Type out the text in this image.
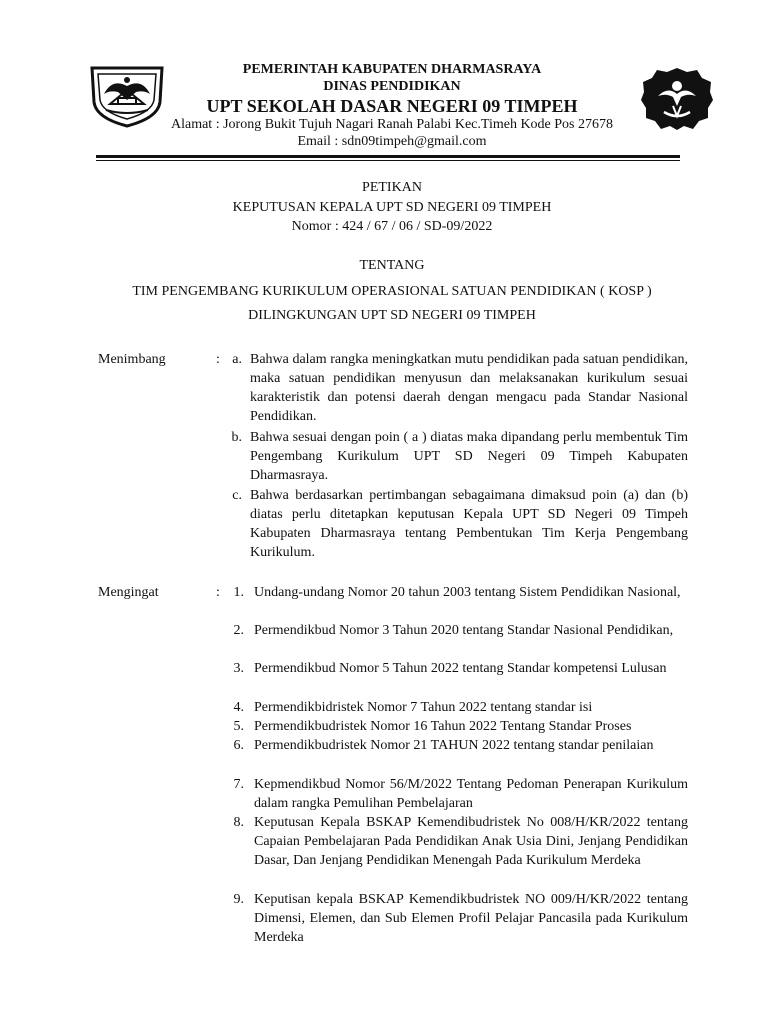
PEMERINTAH KABUPATEN DHARMASRAYA
DINAS PENDIDIKAN
UPT SEKOLAH DASAR NEGERI 09 TIMPEH
Alamat : Jorong Bukit Tujuh Nagari Ranah Palabi Kec.Timeh Kode Pos 27678
Email : sdn09timpeh@gmail.com
PETIKAN
KEPUTUSAN KEPALA UPT SD NEGERI 09 TIMPEH
Nomor : 424 / 67 / 06 / SD-09/2022
TENTANG
TIM PENGEMBANG KURIKULUM OPERASIONAL SATUAN PENDIDIKAN ( KOSP )
DILINGKUNGAN UPT SD NEGERI 09 TIMPEH
Menimbang	: a. Bahwa dalam rangka meningkatkan mutu pendidikan pada satuan pendidikan, maka satuan pendidikan menyusun dan melaksanakan kurikulum sesuai karakteristik dan potensi daerah dengan mengacu pada Standar Nasional Pendidikan.
b. Bahwa sesuai dengan poin ( a ) diatas maka dipandang perlu membentuk Tim Pengembang Kurikulum UPT SD Negeri 09 Timpeh Kabupaten Dharmasraya.
c. Bahwa berdasarkan pertimbangan sebagaimana dimaksud poin (a) dan (b) diatas perlu ditetapkan keputusan Kepala UPT SD Negeri 09 Timpeh Kabupaten Dharmasraya tentang Pembentukan Tim Kerja Pengembang Kurikulum.
Mengingat	: 1. Undang-undang Nomor 20 tahun 2003 tentang Sistem Pendidikan Nasional,
2. Permendikbud Nomor 3 Tahun 2020 tentang Standar Nasional Pendidikan,
3. Permendikbud Nomor 5 Tahun 2022 tentang Standar kompetensi Lulusan
4. Permendikbidristek Nomor 7 Tahun 2022 tentang standar isi
5. Permendikbudristek Nomor 16 Tahun 2022 Tentang Standar Proses
6. Permendikbudristek Nomor 21 TAHUN 2022 tentang standar penilaian
7. Kepmendikbud Nomor 56/M/2022 Tentang Pedoman Penerapan Kurikulum dalam rangka Pemulihan Pembelajaran
8. Keputusan Kepala BSKAP Kemendibudristek No 008/H/KR/2022 tentang Capaian Pembelajaran Pada Pendidikan Anak Usia Dini, Jenjang Pendidikan Dasar, Dan Jenjang Pendidikan Menengah Pada Kurikulum Merdeka
9. Keputisan kepala BSKAP Kemendikbudristek NO 009/H/KR/2022 tentang Dimensi, Elemen, dan Sub Elemen Profil Pelajar Pancasila pada Kurikulum Merdeka
